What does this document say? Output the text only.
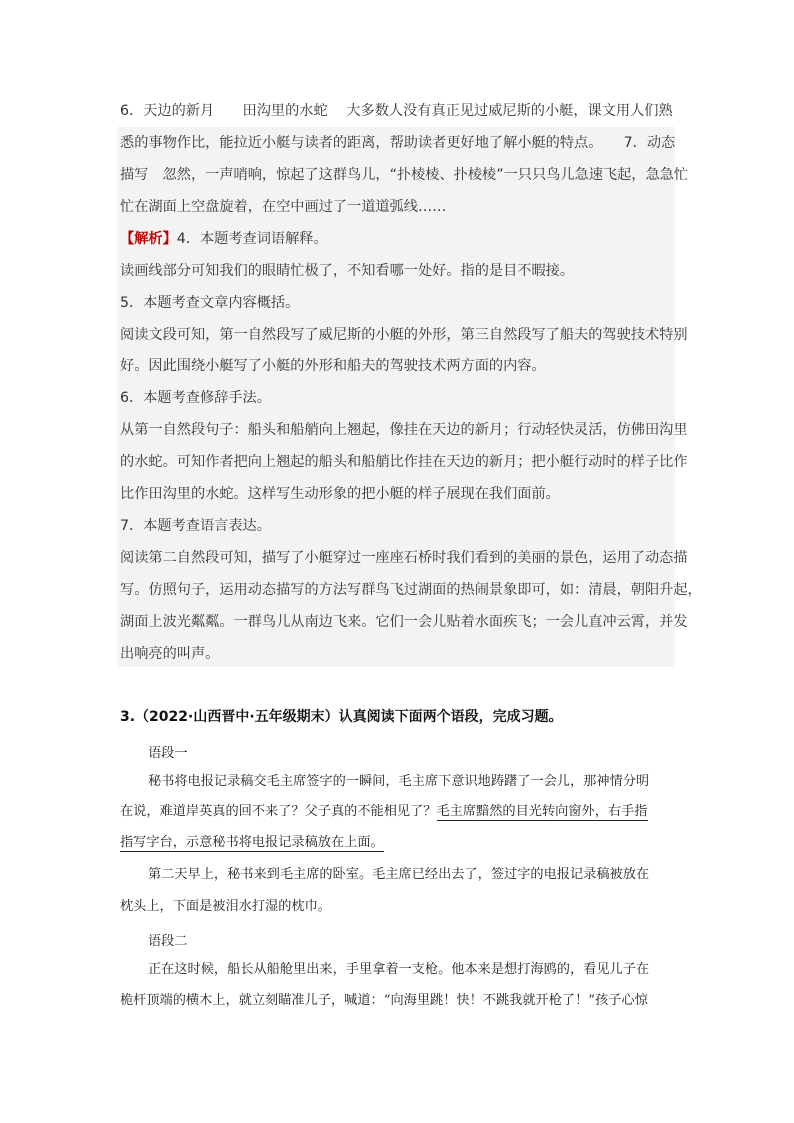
6．天边的新月　　田沟里的水蛇　 大多数人没有真正见过威尼斯的小艇，课文用人们熟
悉的事物作比，能拉近小艇与读者的距离，帮助读者更好地了解小艇的特点。　　7．动态
描写　忽然，一声哨响，惊起了这群鸟儿，“扑棱棱、扑棱棱”一只只鸟儿急速飞起，急急忙
忙在湖面上空盘旋着，在空中画过了一道道弧线……
【解析】4．本题考查词语解释。
读画线部分可知我们的眼睛忙极了，不知看哪一处好。指的是目不暇接。
5．本题考查文章内容概括。
阅读文段可知，第一自然段写了威尼斯的小艇的外形，第三自然段写了船夫的驾驶技术特别
好。因此围绕小艇写了小艇的外形和船夫的驾驶技术两方面的内容。
6．本题考查修辞手法。
从第一自然段句子：船头和船艄向上翘起，像挂在天边的新月；行动轻快灵活，仿佛田沟里
的水蛇。可知作者把向上翘起的船头和船艄比作挂在天边的新月；把小艇行动时的样子比作
比作田沟里的水蛇。这样写生动形象的把小艇的样子展现在我们面前。
7．本题考查语言表达。
阅读第二自然段可知，描写了小艇穿过一座座石桥时我们看到的美丽的景色，运用了动态描
写。仿照句子，运用动态描写的方法写群鸟飞过湖面的热闹景象即可，如：清晨，朝阳升起，
湖面上波光粼粼。一群鸟儿从南边飞来。它们一会儿贴着水面疾飞；一会儿直冲云霄，并发
出响亮的叫声。
3.（2022·山西晋中·五年级期末）认真阅读下面两个语段，完成习题。
语段一
秘书将电报记录稿交毛主席签字的一瞬间，毛主席下意识地踌躇了一会儿，那神情分明
在说，难道岸英真的回不来了？父子真的不能相见了？毛主席黯然的目光转向窗外，右手指
指写字台，示意秘书将电报记录稿放在上面。
第二天早上，秘书来到毛主席的卧室。毛主席已经出去了，签过字的电报记录稿被放在
枕头上，下面是被泪水打湿的枕巾。
语段二
正在这时候，船长从船舱里出来，手里拿着一支枪。他本来是想打海鸥的，看见儿子在
桅杆顶端的横木上，就立刻瞄准儿子，喊道：“向海里跳！快！不跳我就开枪了！”孩子心惊
